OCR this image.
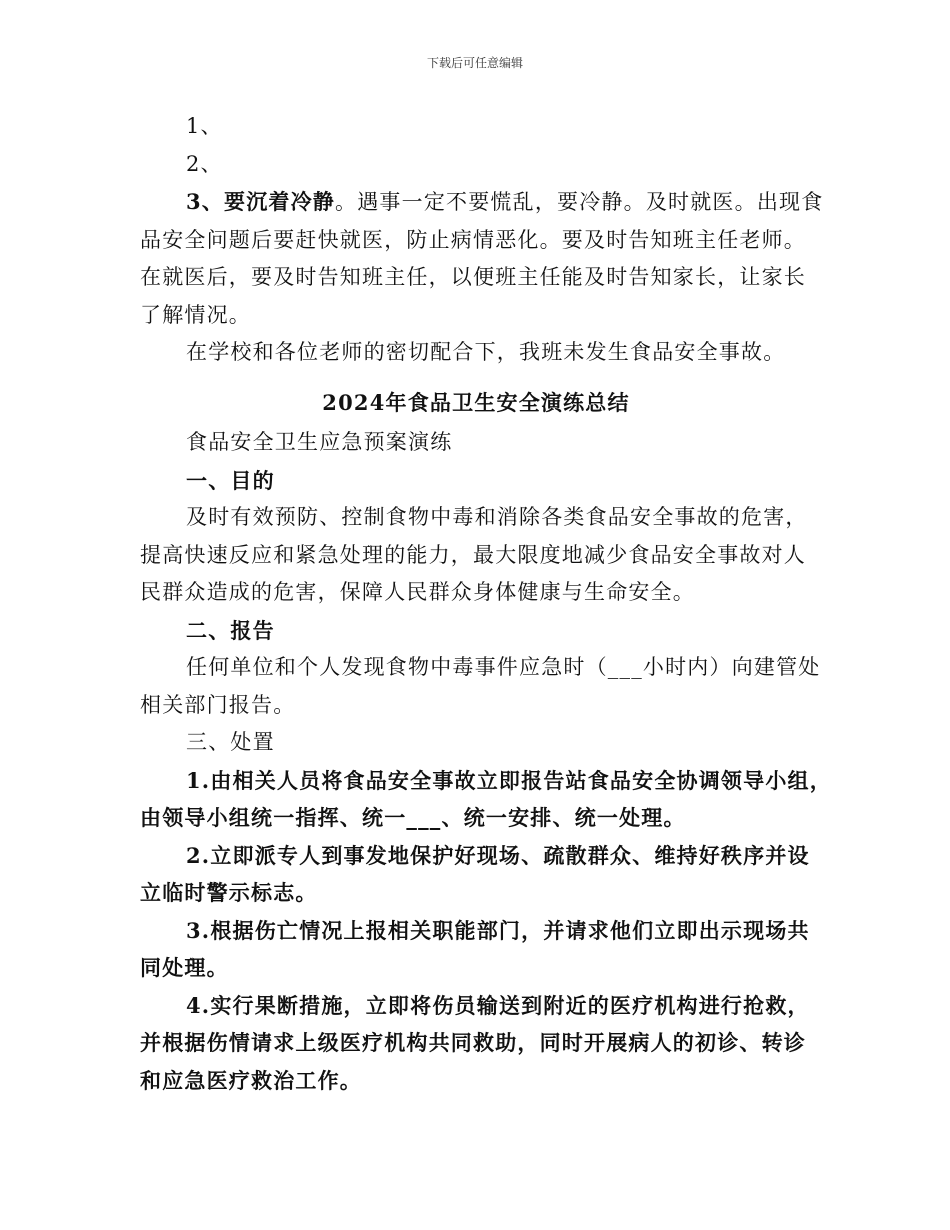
下载后可任意编辑

1、

2、

3、要沉着冷静。遇事一定不要慌乱，要冷静。及时就医。出现食

品安全问题后要赶快就医，防止病情恶化。要及时告知班主任老师。

在就医后，要及时告知班主任，以便班主任能及时告知家长，让家长

了解情况。

在学校和各位老师的密切配合下，我班未发生食品安全事故。

2024年食品卫生安全演练总结

食品安全卫生应急预案演练

一、目的

及时有效预防、控制食物中毒和消除各类食品安全事故的危害，

提高快速反应和紧急处理的能力，最大限度地减少食品安全事故对人

民群众造成的危害，保障人民群众身体健康与生命安全。

二、报告

任何单位和个人发现食物中毒事件应急时（___小时内）向建管处

相关部门报告。

三、处置

1.由相关人员将食品安全事故立即报告站食品安全协调领导小组，

由领导小组统一指挥、统一___、统一安排、统一处理。

2.立即派专人到事发地保护好现场、疏散群众、维持好秩序并设

立临时警示标志。

3.根据伤亡情况上报相关职能部门，并请求他们立即出示现场共

同处理。

4.实行果断措施，立即将伤员输送到附近的医疗机构进行抢救，

并根据伤情请求上级医疗机构共同救助，同时开展病人的初诊、转诊

和应急医疗救治工作。
